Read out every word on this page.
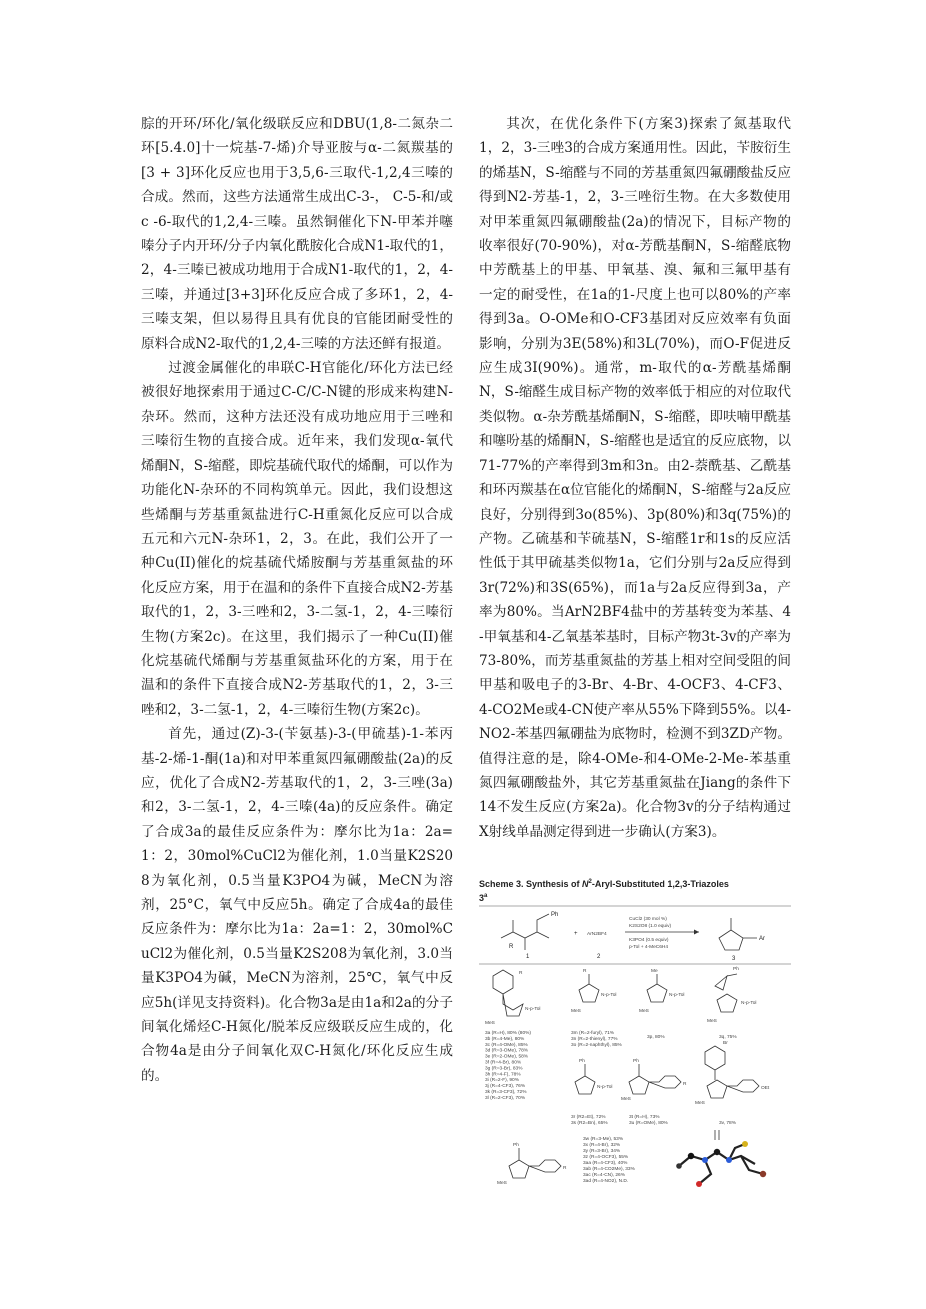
腙的开环/环化/氧化级联反应和DBU(1,8-二氮杂二环[5.4.0]十一烷基-7-烯)介导亚胺与α-二氮羰基的[3 + 3]环化反应也用于3,5,6-三取代-1,2,4三嗪的合成。然而，这些方法通常生成出C-3-， C-5-和/或c -6-取代的1,2,4-三嗪。虽然铜催化下N-甲苯并噻嗪分子内开环/分子内氧化酰胺化合成N1-取代的1，2，4-三嗪已被成功地用于合成N1-取代的1，2，4-三嗪，并通过[3+3]环化反应合成了多环1，2，4-三嗪支架，但以易得且具有优良的官能团耐受性的原料合成N2-取代的1,2,4-三嗪的方法还鲜有报道。

过渡金属催化的串联C-H官能化/环化方法已经被很好地探索用于通过C-C/C-N键的形成来构建N-杂环。然而，这种方法还没有成功地应用于三唑和三嗪衍生物的直接合成。近年来，我们发现α-氧代烯酮N，S-缩醛，即烷基硫代取代的烯酮，可以作为功能化N-杂环的不同构筑单元。因此，我们设想这些烯酮与芳基重氮盐进行C-H重氮化反应可以合成五元和六元N-杂环1，2，3。在此，我们公开了一种Cu(II)催化的烷基硫代烯胺酮与芳基重氮盐的环化反应方案，用于在温和的条件下直接合成N2-芳基取代的1，2，3-三唑和2，3-二氢-1，2，4-三嗪衍生物(方案2c)。在这里，我们揭示了一种Cu(II)催化烷基硫代烯酮与芳基重氮盐环化的方案，用于在温和的条件下直接合成N2-芳基取代的1，2，3-三唑和2，3-二氢-1，2，4-三嗪衍生物(方案2c)。

首先，通过(Z)-3-(苄氨基)-3-(甲硫基)-1-苯丙基-2-烯-1-酮(1a)和对甲苯重氮四氟硼酸盐(2a)的反应，优化了合成N2-芳基取代的1，2，3-三唑(3a)和2，3-二氢-1，2，4-三嗪(4a)的反应条件。确定了合成3a的最佳反应条件为：摩尔比为1a：2a=1：2，30mol%CuCl2为催化剂，1.0当量K2S208为氧化剂，0.5当量K3PO4为碱，MeCN为溶剂，25°C，氧气中反应5h。确定了合成4a的最佳反应条件为：摩尔比为1a：2a=1：2，30mol%CuCl2为催化剂，0.5当量K2S208为氧化剂，3.0当量K3PO4为碱，MeCN为溶剂，25℃，氧气中反应5h(详见支持资料)。化合物3a是由1a和2a的分子间氧化烯烃C-H氮化/脱苯反应级联反应生成的，化合物4a是由分子间氧化双C-H氮化/环化反应生成的。

其次，在优化条件下(方案3)探索了氮基取代1，2，3-三唑3的合成方案通用性。因此，苄胺衍生的烯基N，S-缩醛与不同的芳基重氮四氟硼酸盐反应得到N2-芳基-1，2，3-三唑衍生物。在大多数使用对甲苯重氮四氟硼酸盐(2a)的情况下，目标产物的收率很好(70-90%)，对α-芳酰基酮N，S-缩醛底物中芳酰基上的甲基、甲氧基、溴、氟和三氟甲基有一定的耐受性，在1a的1-尺度上也可以80%的产率得到3a。O-OMe和O-CF3基团对反应效率有负面影响，分别为3E(58%)和3L(70%)，而O-F促进反应生成3I(90%)。通常，m-取代的α-芳酰基烯酮N，S-缩醛生成目标产物的效率低于相应的对位取代类似物。α-杂芳酰基烯酮N，S-缩醛，即呋喃甲酰基和噻吩基的烯酮N，S-缩醛也是适宜的反应底物，以71-77%的产率得到3m和3n。由2-萘酰基、乙酰基和环丙羰基在α位官能化的烯酮N，S-缩醛与2a反应良好，分别得到3o(85%)、3p(80%)和3q(75%)的产物。乙硫基和苄硫基N，S-缩醛1r和1s的反应活性低于其甲硫基类似物1a，它们分别与2a反应得到3r(72%)和3S(65%)，而1a与2a反应得到3a，产率为80%。当ArN2BF4盐中的芳基转变为苯基、4-甲氧基和4-乙氧基苯基时，目标产物3t-3v的产率为73-80%，而芳基重氮盐的芳基上相对空间受阻的间甲基和吸电子的3-Br、4-Br、4-OCF3、4-CF3、4-CO2Me或4-CN使产率从55%下降到55%。以4-NO2-苯基四氟硼盐为底物时，检测不到3ZD产物。值得注意的是，除4-OMe-和4-OMe-2-Me-苯基重氮四氟硼酸盐外，其它芳基重氮盐在Jiang的条件下14不发生反应(方案2a)。化合物3v的分子结构通过X射线单晶测定得到进一步确认(方案3)。

Scheme 3. Synthesis of $N^2-Aryl$-Substituted 1,2,3-Triazoles
3$^a$

R
Ph
1
+ ArN2BF4
2
CuCl2 (30 mol %)
K2S2O8 (1.0 equiv)
K3PO4 (0.5 equiv)
p-Tol + 4-MeC6H4
Ar
3
R
N-p-Tol
MeS
R
N-p-Tol
MeS
Me
N-p-Tol
MeS
Ph
N-p-Tol
MeS
3a (R=H), 80% (80%)
3b (R=4-Me), 80%
3c (R=4-OMe), 85%
3d (R=3-OMe), 78%
3e (R=2-OMe), 58%
3f (R=4-Br), 80%
3g (R=3-Br), 83%
3h (R=4-F), 78%
3i (R=2-F), 90%
3j (R=4-CF3), 76%
3k (R=3-CF3), 72%
3l (R=2-CF3), 70%
3m (R=2-furyl), 71%
3n (R=2-thienyl), 77%
3o (R=2-naphthyl), 85%
3p, 80%	3q, 75%
Ph
N-p-Tol
Ph
R
MeS
Br
OEt
MeS
3r (R2=Et), 72%
3s (R2=Bn), 65%
3t (R=H), 73%
3u (R=OMe), 80%	3v, 78%
Ph
R
MeS
3w (R=3-Me), 53%
3x (R=4-Br), 32%
3y (R=3-Br), 34%
3z (R=4-OCF3), 55%
3aa (R=4-CF3), 40%
3ab (R=4-CO2Me), 33%
3ac (R=4-CN), 26%
3ad (R=4-NO2), N.D.
